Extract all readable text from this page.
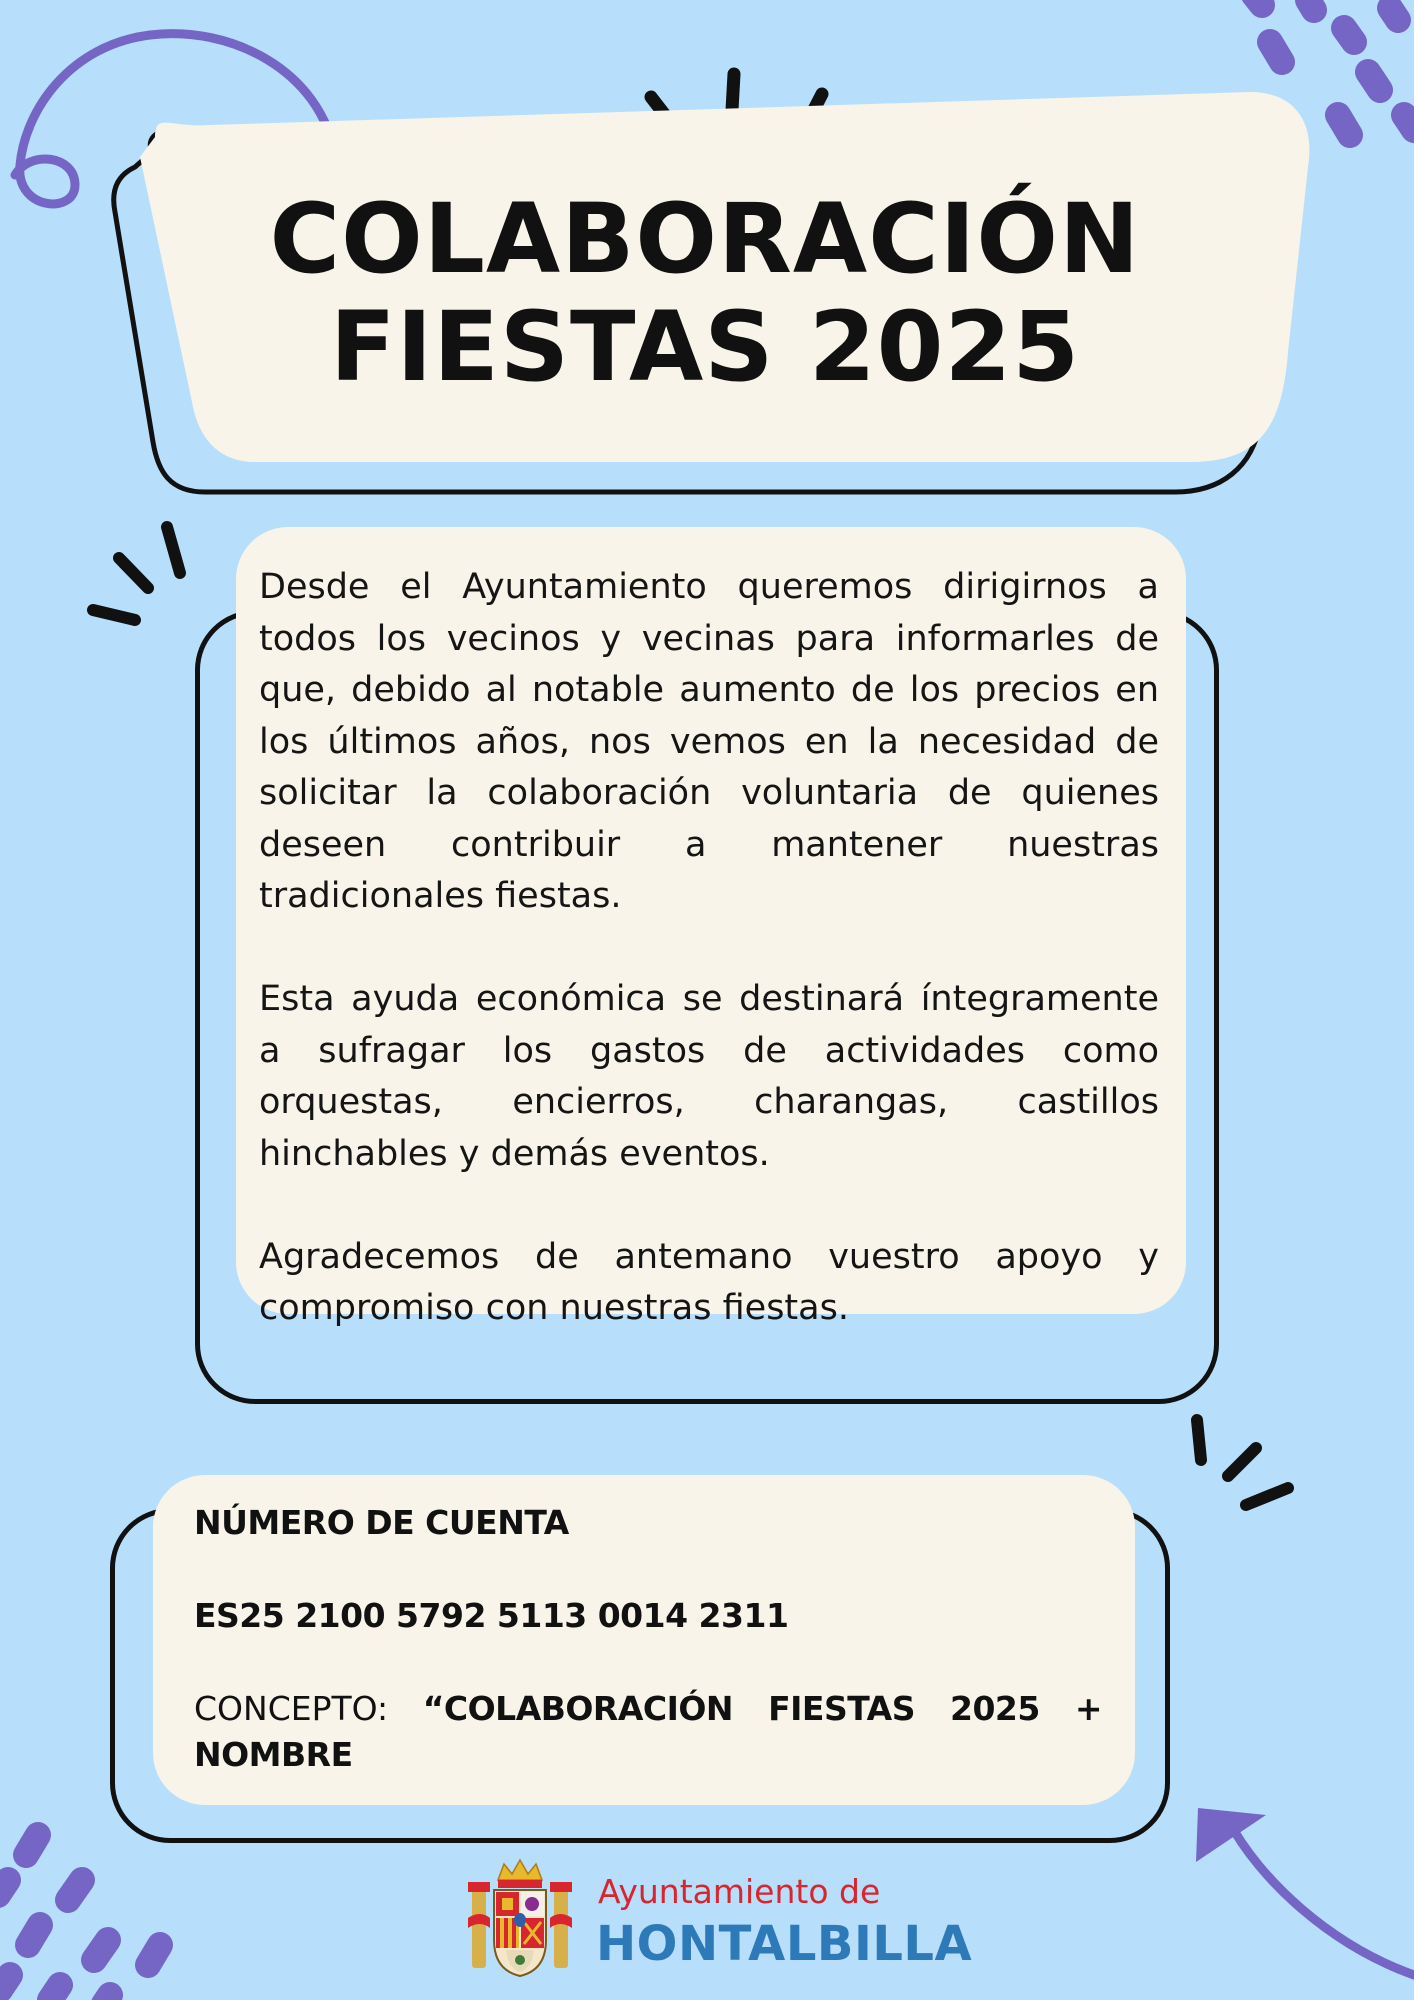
COLABORACIÓN
FIESTAS 2025

Desde el Ayuntamiento queremos dirigirnos a todos los vecinos y vecinas para informarles de que, debido al notable aumento de los precios en los últimos años, nos vemos en la necesidad de solicitar la colaboración voluntaria de quienes deseen contribuir a mantener nuestras tradicionales fiestas.

Esta ayuda económica se destinará íntegramente a sufragar los gastos de actividades como orquestas, encierros, charangas, castillos hinchables y demás eventos.

Agradecemos de antemano vuestro apoyo y compromiso con nuestras fiestas.

NÚMERO DE CUENTA
ES25 2100 5792 5113 0014 2311
CONCEPTO: “COLABORACIÓN FIESTAS 2025 + NOMBRE
Ayuntamiento de
HONTALBILLA
